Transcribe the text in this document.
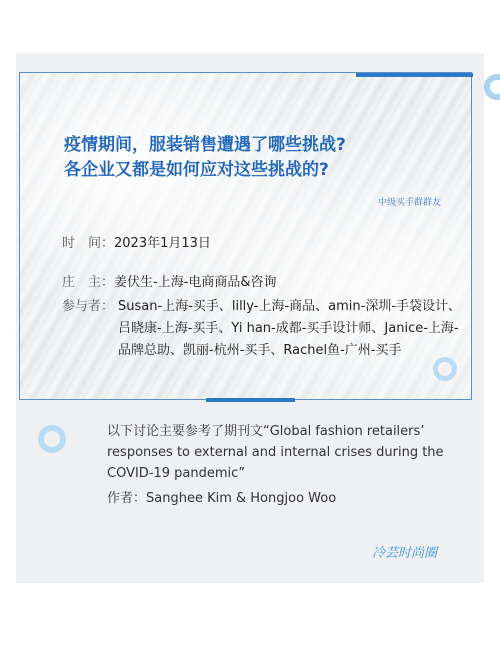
疫情期间，服装销售遭遇了哪些挑战?
各企业又都是如何应对这些挑战的?
中级买手群群友
时　间：2023年1月13日
庄　主：姜伏生-上海-电商商品&咨询
参与者： Susan-上海-买手、lilly-上海-商品、amin-深圳-手袋设计、吕晓康-上海-买手、Yi han-成都-买手设计师、Janice-上海-品牌总助、凯丽-杭州-买手、Rachel鱼-广州-买手
以下讨论主要参考了期刊文“Global fashion retailers’ responses to external and internal crises during the COVID-19 pandemic”
作者：Sanghee Kim & Hongjoo Woo
冷芸时尚圈
